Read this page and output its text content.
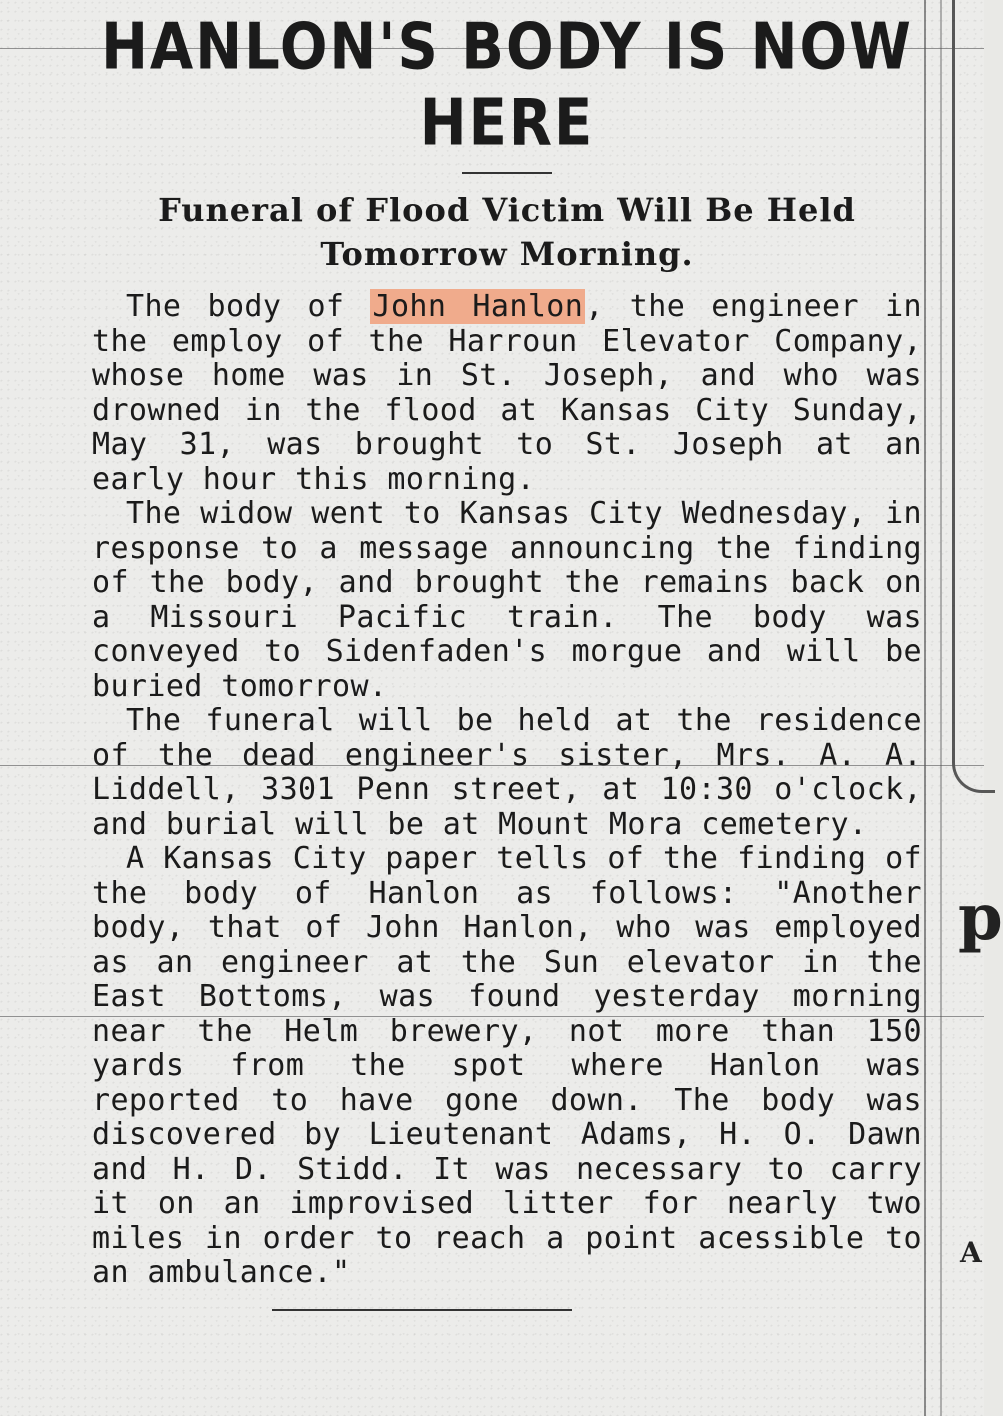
HANLON'S BODY IS NOW HERE
Funeral of Flood Victim Will Be Held Tomorrow Morning.

The body of John Hanlon, the engineer in the employ of the Harroun Elevator Company, whose home was in St. Joseph, and who was drowned in the flood at Kansas City Sunday, May 31, was brought to St. Joseph at an early hour this morning.

The widow went to Kansas City Wednesday, in response to a message announcing the finding of the body, and brought the remains back on a Missouri Pacific train. The body was conveyed to Sidenfaden's morgue and will be buried tomorrow.

The funeral will be held at the residence of the dead engineer's sister, Mrs. A. A. Liddell, 3301 Penn street, at 10:30 o'clock, and burial will be at Mount Mora cemetery.

A Kansas City paper tells of the finding of the body of Hanlon as follows: "Another body, that of John Hanlon, who was employed as an engineer at the Sun elevator in the East Bottoms, was found yesterday morning near the Helm brewery, not more than 150 yards from the spot where Hanlon was reported to have gone down. The body was discovered by Lieutenant Adams, H. O. Dawn and H. D. Stidd. It was necessary to carry it on an improvised litter for nearly two miles in order to reach a point acessible to an ambulance."

p
A
